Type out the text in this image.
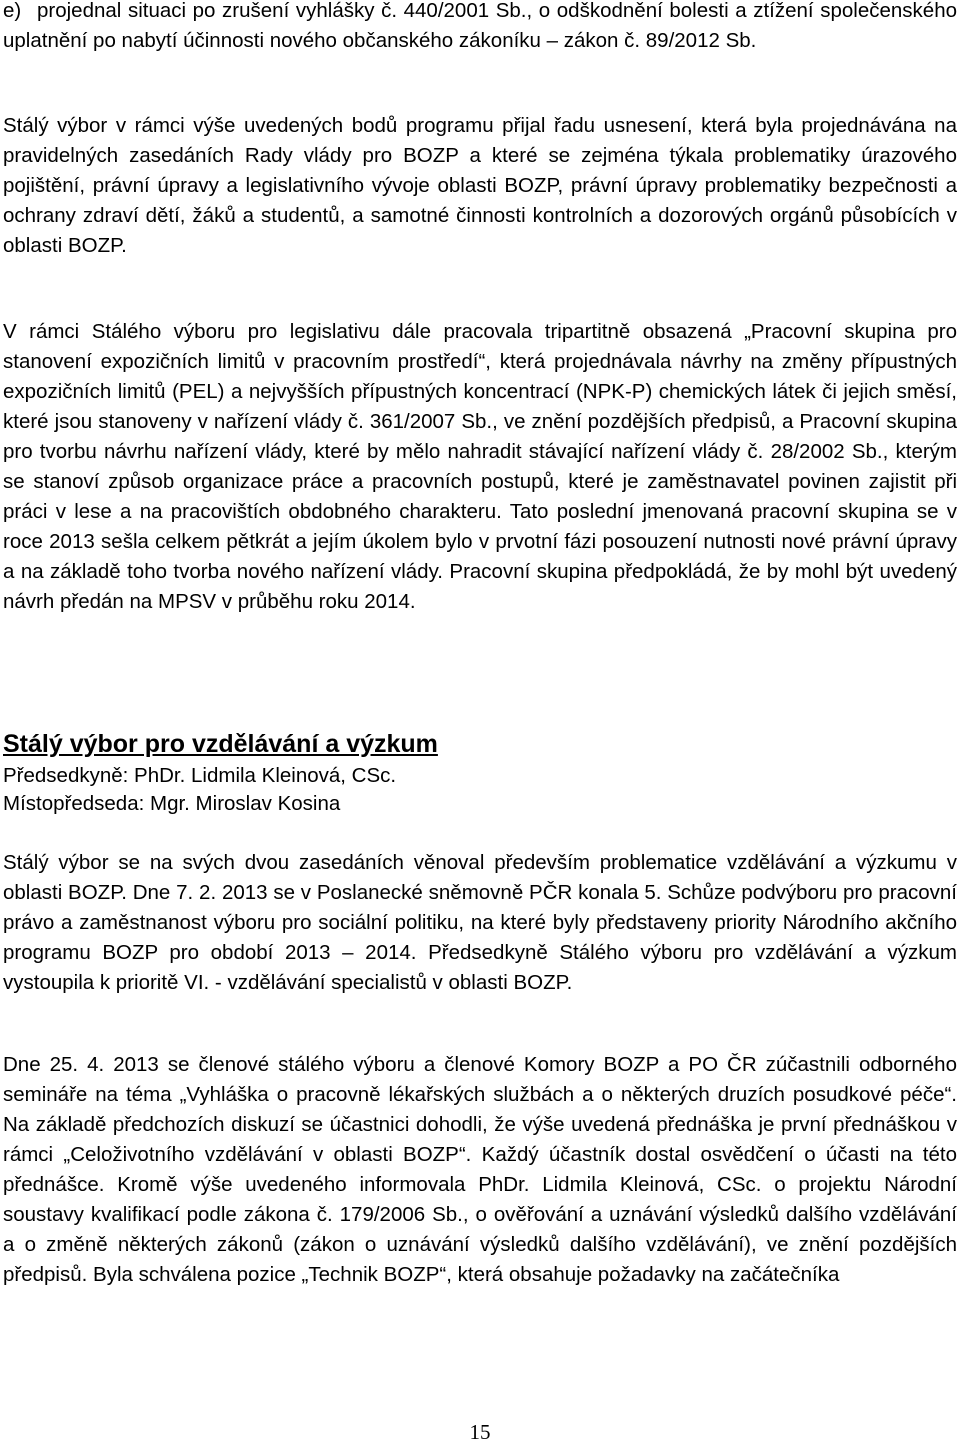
e) projednal situaci po zrušení vyhlášky č. 440/2001 Sb., o odškodnění bolesti a ztížení společenského uplatnění po nabytí účinnosti nového občanského zákoníku – zákon č. 89/2012 Sb.

Stálý výbor v rámci výše uvedených bodů programu přijal řadu usnesení, která byla projednávána na pravidelných zasedáních Rady vlády pro BOZP a které se zejména týkala problematiky úrazového pojištění, právní úpravy a legislativního vývoje oblasti BOZP, právní úpravy problematiky bezpečnosti a ochrany zdraví dětí, žáků a studentů, a samotné činnosti kontrolních a dozorových orgánů působících v oblasti BOZP.

V rámci Stálého výboru pro legislativu dále pracovala tripartitně obsazená „Pracovní skupina pro stanovení expozičních limitů v pracovním prostředí“, která projednávala návrhy na změny přípustných expozičních limitů (PEL) a nejvyšších přípustných koncentrací (NPK-P) chemických látek či jejich směsí, které jsou stanoveny v nařízení vlády č. 361/2007 Sb., ve znění pozdějších předpisů, a Pracovní skupina pro tvorbu návrhu nařízení vlády, které by mělo nahradit stávající nařízení vlády č. 28/2002 Sb., kterým se stanoví způsob organizace práce a pracovních postupů, které je zaměstnavatel povinen zajistit při práci v lese a na pracovištích obdobného charakteru. Tato poslední jmenovaná pracovní skupina se v roce 2013 sešla celkem pětkrát a jejím úkolem bylo v prvotní fázi posouzení nutnosti nové právní úpravy a na základě toho tvorba nového nařízení vlády. Pracovní skupina předpokládá, že by mohl být uvedený návrh předán na MPSV v průběhu roku 2014.

Stálý výbor pro vzdělávání a výzkum

Předsedkyně: PhDr. Lidmila Kleinová, CSc.

Místopředseda: Mgr. Miroslav Kosina

Stálý výbor se na svých dvou zasedáních věnoval především problematice vzdělávání a výzkumu v oblasti BOZP. Dne 7. 2. 2013 se v Poslanecké sněmovně PČR konala 5. Schůze podvýboru pro pracovní právo a zaměstnanost výboru pro sociální politiku, na které byly představeny priority Národního akčního programu BOZP pro období 2013 – 2014. Předsedkyně Stálého výboru pro vzdělávání a výzkum vystoupila k prioritě VI. - vzdělávání specialistů v oblasti BOZP.

Dne 25. 4. 2013 se členové stálého výboru a členové Komory BOZP a PO ČR zúčastnili odborného semináře na téma „Vyhláška o pracovně lékařských službách a o některých druzích posudkové péče“. Na základě předchozích diskuzí se účastnici dohodli, že výše uvedená přednáška je první přednáškou v rámci „Celoživotního vzdělávání v oblasti BOZP“. Každý účastník dostal osvědčení o účasti na této přednášce. Kromě výše uvedeného informovala PhDr. Lidmila Kleinová, CSc. o projektu Národní soustavy kvalifikací podle zákona č. 179/2006 Sb., o ověřování a uznávání výsledků dalšího vzdělávání a o změně některých zákonů (zákon o uznávání výsledků dalšího vzdělávání), ve znění pozdějších předpisů. Byla schválena pozice „Technik BOZP“, která obsahuje požadavky na začátečníka

15
